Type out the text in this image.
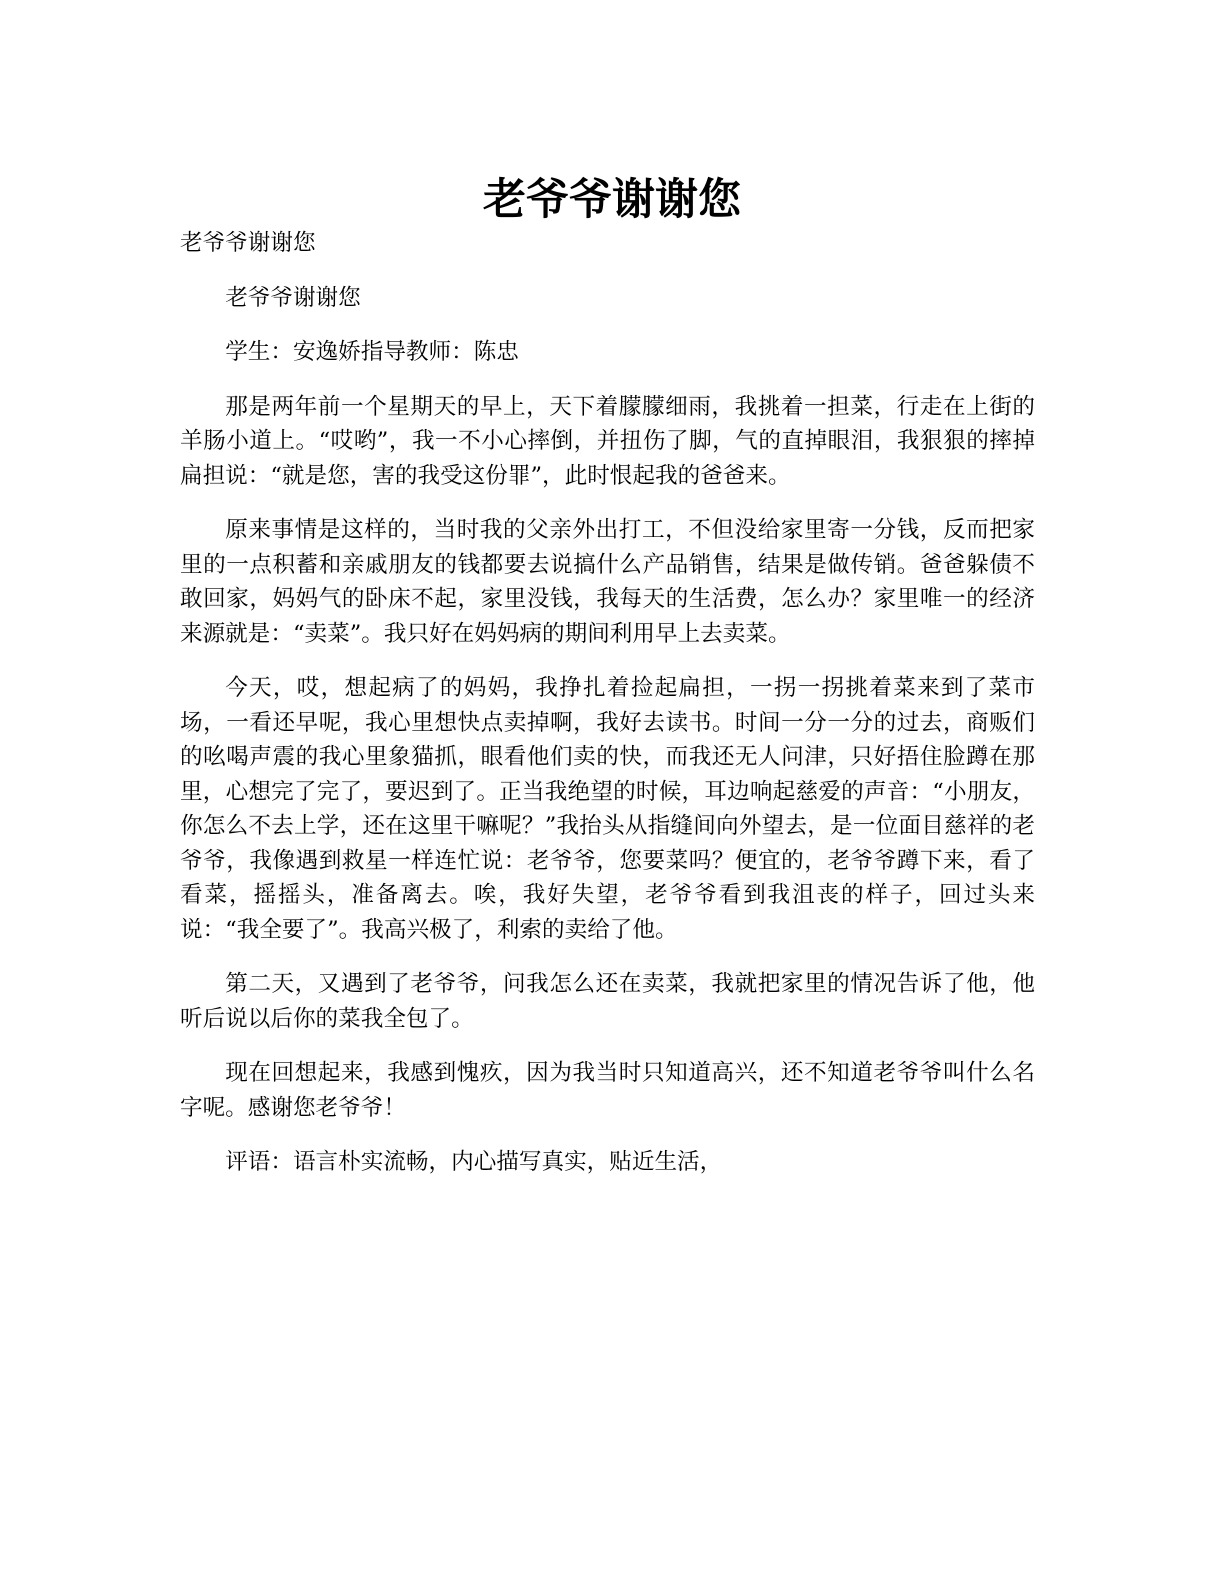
老爷爷谢谢您

老爷爷谢谢您

老爷爷谢谢您

学生：安逸娇指导教师：陈忠

那是两年前一个星期天的早上，天下着朦朦细雨，我挑着一担菜，行走在上街的羊肠小道上。“哎哟”，我一不小心摔倒，并扭伤了脚，气的直掉眼泪，我狠狠的摔掉扁担说：“就是您，害的我受这份罪”，此时恨起我的爸爸来。

原来事情是这样的，当时我的父亲外出打工，不但没给家里寄一分钱，反而把家里的一点积蓄和亲戚朋友的钱都要去说搞什么产品销售，结果是做传销。爸爸躲债不敢回家，妈妈气的卧床不起，家里没钱，我每天的生活费，怎么办？家里唯一的经济来源就是：“卖菜”。我只好在妈妈病的期间利用早上去卖菜。

今天，哎，想起病了的妈妈，我挣扎着捡起扁担，一拐一拐挑着菜来到了菜市场，一看还早呢，我心里想快点卖掉啊，我好去读书。时间一分一分的过去，商贩们的吆喝声震的我心里象猫抓，眼看他们卖的快，而我还无人问津，只好捂住脸蹲在那里，心想完了完了，要迟到了。正当我绝望的时候，耳边响起慈爱的声音：“小朋友，你怎么不去上学，还在这里干嘛呢？”我抬头从指缝间向外望去，是一位面目慈祥的老爷爷，我像遇到救星一样连忙说：老爷爷，您要菜吗？便宜的，老爷爷蹲下来，看了看菜，摇摇头，准备离去。唉，我好失望，老爷爷看到我沮丧的样子，回过头来说：“我全要了”。我高兴极了，利索的卖给了他。

第二天，又遇到了老爷爷，问我怎么还在卖菜，我就把家里的情况告诉了他，他听后说以后你的菜我全包了。

现在回想起来，我感到愧疚，因为我当时只知道高兴，还不知道老爷爷叫什么名字呢。感谢您老爷爷！

评语：语言朴实流畅，内心描写真实，贴近生活，
